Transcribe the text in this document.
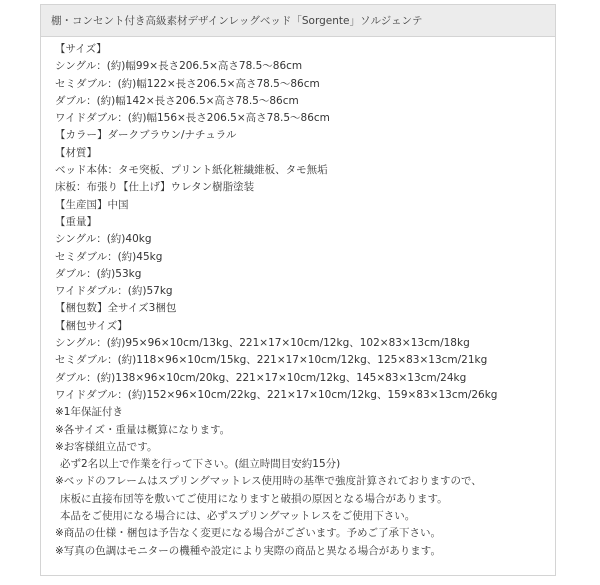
棚・コンセント付き高級素材デザインレッグベッド「Sorgente」ソルジェンテ
【サイズ】
シングル：(約)幅99×長さ206.5×高さ78.5～86cm
セミダブル：(約)幅122×長さ206.5×高さ78.5～86cm
ダブル：(約)幅142×長さ206.5×高さ78.5～86cm
ワイドダブル：(約)幅156×長さ206.5×高さ78.5～86cm
【カラー】ダークブラウン/ナチュラル
【材質】
ベッド本体：タモ突板、プリント紙化粧繊維板、タモ無垢
床板：布張り【仕上げ】ウレタン樹脂塗装
【生産国】中国
【重量】
シングル：(約)40kg
セミダブル：(約)45kg
ダブル：(約)53kg
ワイドダブル：(約)57kg
【梱包数】全サイズ3梱包
【梱包サイズ】
シングル：(約)95×96×10cm/13kg、221×17×10cm/12kg、102×83×13cm/18kg
セミダブル：(約)118×96×10cm/15kg、221×17×10cm/12kg、125×83×13cm/21kg
ダブル：(約)138×96×10cm/20kg、221×17×10cm/12kg、145×83×13cm/24kg
ワイドダブル：(約)152×96×10cm/22kg、221×17×10cm/12kg、159×83×13cm/26kg
※1年保証付き
※各サイズ・重量は概算になります。
※お客様組立品です。
必ず2名以上で作業を行って下さい。(組立時間目安約15分)
※ベッドのフレームはスプリングマットレス使用時の基準で強度計算されておりますので、
床板に直接布団等を敷いてご使用になりますと破損の原因となる場合があります。
本品をご使用になる場合には、必ずスプリングマットレスをご使用下さい。
※商品の仕様・梱包は予告なく変更になる場合がございます。予めご了承下さい。
※写真の色調はモニターの機種や設定により実際の商品と異なる場合があります。
